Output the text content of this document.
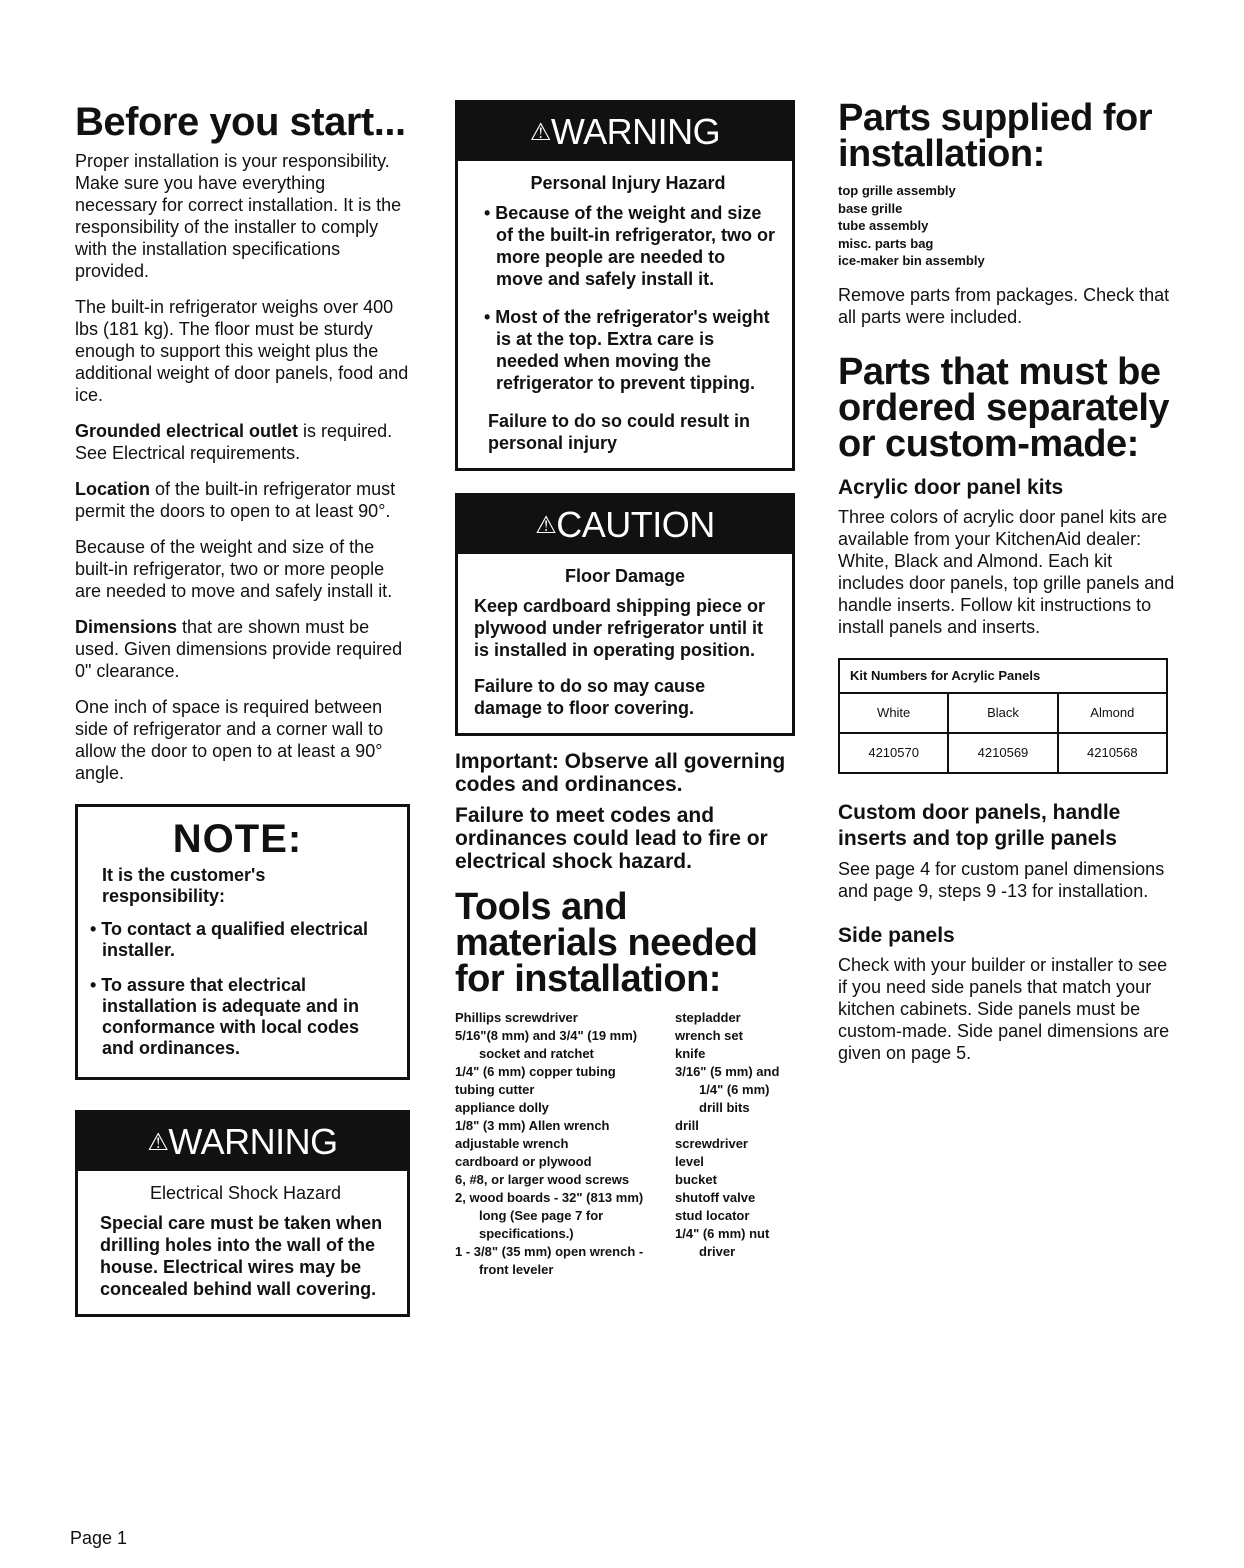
Before you start...

Proper installation is your responsibility. Make sure you have everything necessary for correct installation. It is the responsibility of the installer to comply with the installation specifications provided.

The built-in refrigerator weighs over 400 lbs (181 kg). The floor must be sturdy enough to support this weight plus the additional weight of door panels, food and ice.

Grounded electrical outlet is required. See Electrical requirements.

Location of the built-in refrigerator must permit the doors to open to at least 90°.

Because of the weight and size of the built-in refrigerator, two or more people are needed to move and safely install it.

Dimensions that are shown must be used. Given dimensions provide required 0" clearance.

One inch of space is required between side of refrigerator and a corner wall to allow the door to open to at least a 90° angle.

NOTE:
It is the customer's responsibility:
• To contact a qualified electrical installer.
• To assure that electrical installation is adequate and in conformance with local codes and ordinances.
⚠WARNING
Electrical Shock Hazard
Special care must be taken when drilling holes into the wall of the house. Electrical wires may be concealed behind wall covering.
⚠WARNING
Personal Injury Hazard
• Because of the weight and size of the built-in refrigerator, two or more people are needed to move and safely install it.
• Most of the refrigerator's weight is at the top. Extra care is needed when moving the refrigerator to prevent tipping.
Failure to do so could result in personal injury
⚠CAUTION
Floor Damage
Keep cardboard shipping piece or plywood under refrigerator until it is installed in operating position.
Failure to do so may cause damage to floor covering.
Important: Observe all governing codes and ordinances.
Failure to meet codes and ordinances could lead to fire or electrical shock hazard.
Tools and materials needed for installation:
Phillips screwdriver
5/16"(8 mm) and 3/4" (19 mm) socket and ratchet
1/4" (6 mm) copper tubing
tubing cutter
appliance dolly
1/8" (3 mm) Allen wrench
adjustable wrench
cardboard or plywood
6, #8, or larger wood screws
2, wood boards - 32" (813 mm) long (See page 7 for specifications.)
1 - 3/8" (35 mm) open wrench - front leveler
stepladder
wrench set
knife
3/16" (5 mm) and 1/4" (6 mm) drill bits
drill
screwdriver
level
bucket
shutoff valve
stud locator
1/4" (6 mm) nut driver
Parts supplied for installation:
top grille assembly
base grille
tube assembly
misc. parts bag
ice-maker bin assembly

Remove parts from packages. Check that all parts were included.

Parts that must be ordered separately or custom-made:
Acrylic door panel kits

Three colors of acrylic door panel kits are available from your KitchenAid dealer: White, Black and Almond. Each kit includes door panels, top grille panels and handle inserts. Follow kit instructions to install panels and inserts.

Kit Numbers for Acrylic Panels		
White	Black	Almond
4210570	4210569	4210568
Custom door panels, handle inserts and top grille panels

See page 4 for custom panel dimensions and page 9, steps 9 -13 for installation.

Side panels

Check with your builder or installer to see if you need side panels that match your kitchen cabinets. Side panels must be custom-made. Side panel dimensions are given on page 5.

Page 1
